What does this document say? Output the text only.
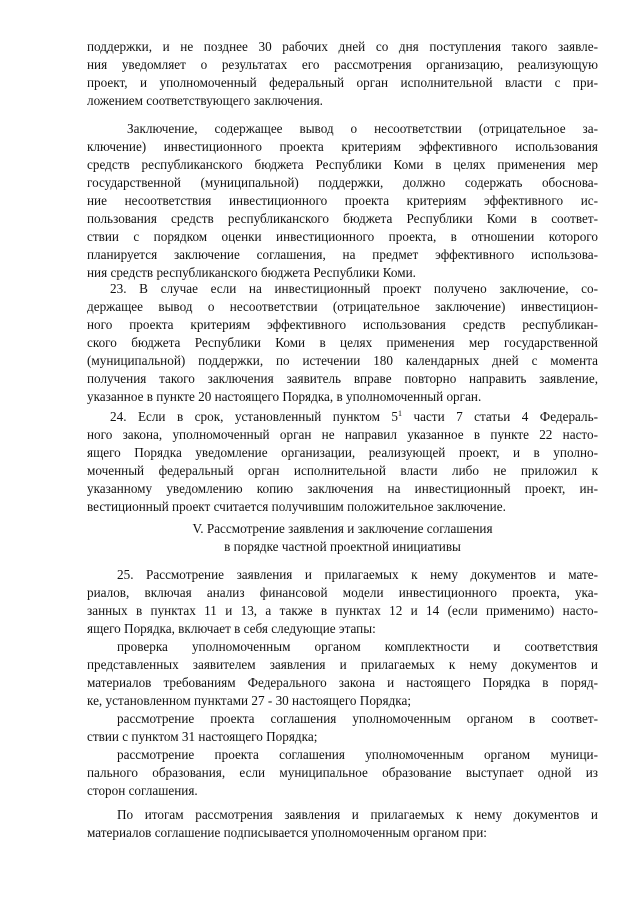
поддержки, и не позднее 30 рабочих дней со дня поступления такого заявле-
ния уведомляет о результатах его рассмотрения организацию, реализующую
проект, и уполномоченный федеральный орган исполнительной власти с при-
ложением соответствующего заключения.
Заключение, содержащее вывод о несоответствии (отрицательное за-
ключение) инвестиционного проекта критериям эффективного использования
средств республиканского бюджета Республики Коми в целях применения мер
государственной (муниципальной) поддержки, должно содержать обоснова-
ние несоответствия инвестиционного проекта критериям эффективного ис-
пользования средств республиканского бюджета Республики Коми в соответ-
ствии с порядком оценки инвестиционного проекта, в отношении которого
планируется заключение соглашения, на предмет эффективного использова-
ния средств республиканского бюджета Республики Коми.
23. В случае если на инвестиционный проект получено заключение, со-
держащее вывод о несоответствии (отрицательное заключение) инвестицион-
ного проекта критериям эффективного использования средств республикан-
ского бюджета Республики Коми в целях применения мер государственной
(муниципальной) поддержки, по истечении 180 календарных дней с момента
получения такого заключения заявитель вправе повторно направить заявление,
указанное в пункте 20 настоящего Порядка, в уполномоченный орган.
24. Если в срок, установленный пунктом $5^1$ части 7 статьи 4 Федераль-
ного закона, уполномоченный орган не направил указанное в пункте 22 насто-
ящего Порядка уведомление организации, реализующей проект, и в уполно-
моченный федеральный орган исполнительной власти либо не приложил к
указанному уведомлению копию заключения на инвестиционный проект, ин-
вестиционный проект считается получившим положительное заключение.
V. Рассмотрение заявления и заключение соглашения
в порядке частной проектной инициативы
25. Рассмотрение заявления и прилагаемых к нему документов и мате-
риалов, включая анализ финансовой модели инвестиционного проекта, ука-
занных в пунктах 11 и 13, а также в пунктах 12 и 14 (если применимо) насто-
ящего Порядка, включает в себя следующие этапы:
проверка уполномоченным органом комплектности и соответствия
представленных заявителем заявления и прилагаемых к нему документов и
материалов требованиям Федерального закона и настоящего Порядка в поряд-
ке, установленном пунктами 27 - 30 настоящего Порядка;
рассмотрение проекта соглашения уполномоченным органом в соответ-
ствии с пунктом 31 настоящего Порядка;
рассмотрение проекта соглашения уполномоченным органом муници-
пального образования, если муниципальное образование выступает одной из
сторон соглашения.
По итогам рассмотрения заявления и прилагаемых к нему документов и
материалов соглашение подписывается уполномоченным органом при:
